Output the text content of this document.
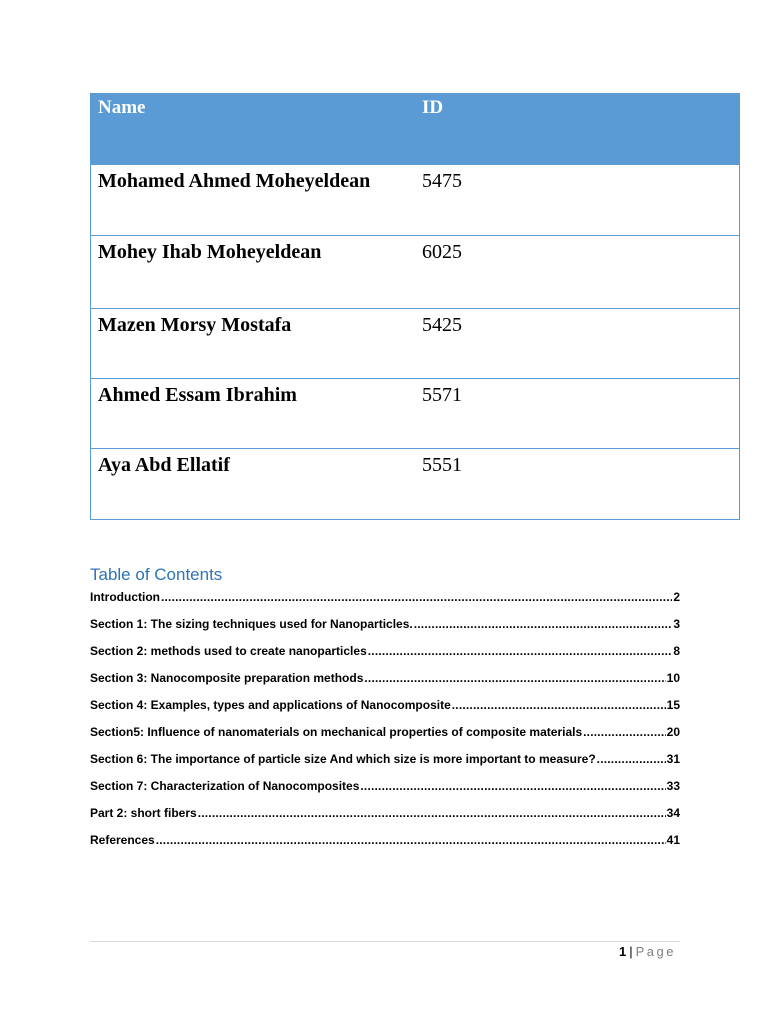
Name	ID
Mohamed Ahmed Moheyeldean	5475
Mohey Ihab Moheyeldean	6025
Mazen Morsy Mostafa	5425
Ahmed Essam Ibrahim	5571
Aya Abd Ellatif	5551
Table of Contents
Introduction .....	2
Section 1: The sizing techniques used for Nanoparticles. .....	3
Section 2: methods used to create nanoparticles .....	8
Section 3: Nanocomposite preparation methods .....	10
Section 4: Examples, types and applications of Nanocomposite .....	15
Section5: Influence of nanomaterials on mechanical properties of composite materials .....	20
Section 6: The importance of particle size And which size is more important to measure? .....	31
Section 7: Characterization of Nanocomposites .....	33
Part 2: short fibers .....	34
References .....	41
1 | Page
